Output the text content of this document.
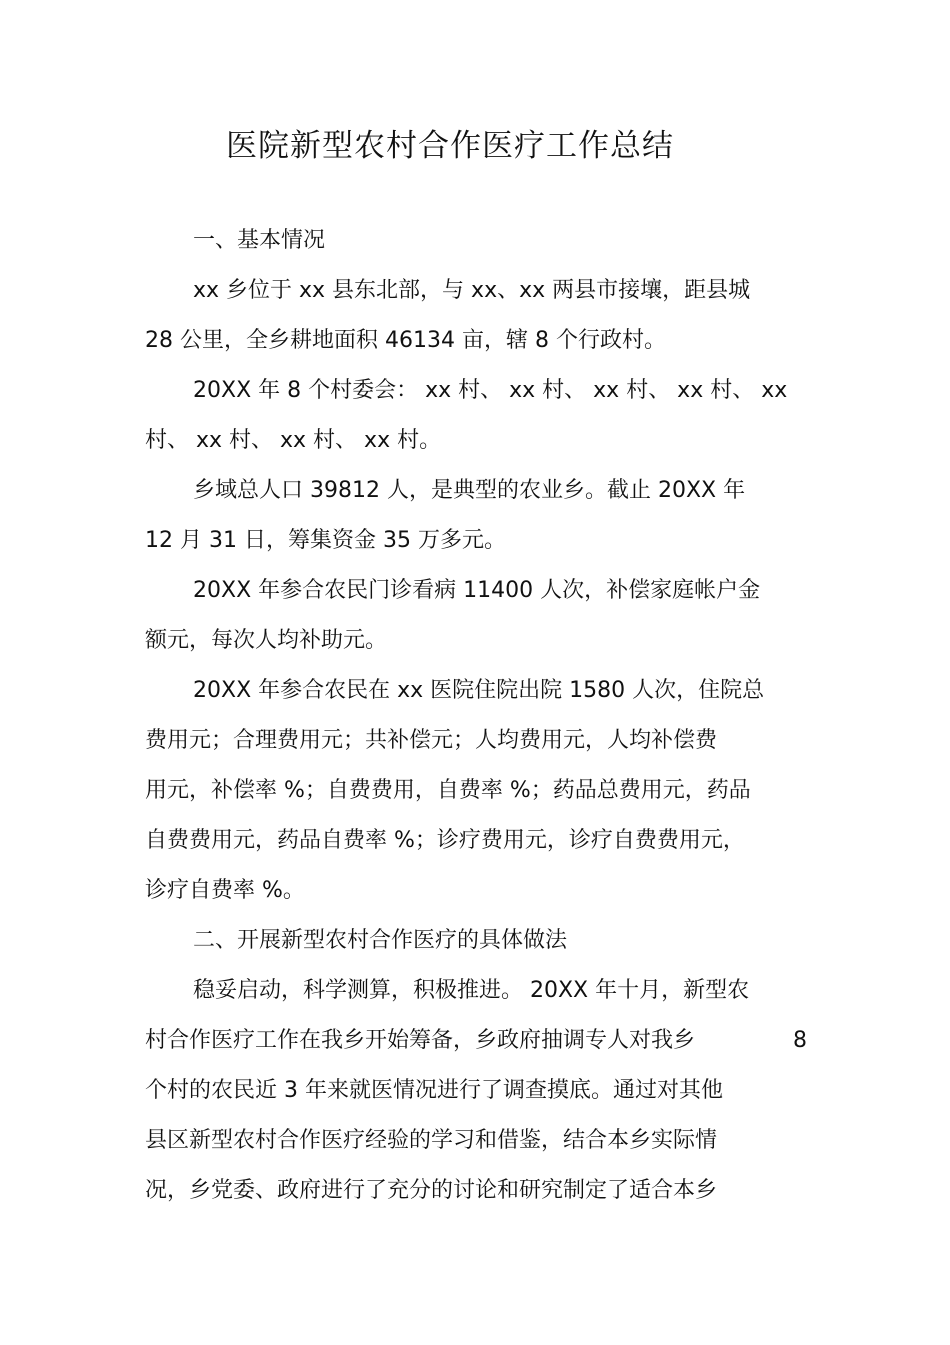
医院新型农村合作医疗工作总结
一、基本情况
xx 乡位于 xx 县东北部，与 xx、xx 两县市接壤，距县城
28 公里，全乡耕地面积 46134 亩，辖 8 个行政村。
20XX 年 8 个村委会： xx 村、 xx 村、 xx 村、 xx 村、 xx
村、 xx 村、 xx 村、 xx 村。
乡域总人口 39812 人，是典型的农业乡。截止 20XX 年
12 月 31 日，筹集资金 35 万多元。
20XX 年参合农民门诊看病 11400 人次，补偿家庭帐户金
额元，每次人均补助元。
20XX 年参合农民在 xx 医院住院出院 1580 人次，住院总
费用元；合理费用元；共补偿元；人均费用元，人均补偿费
用元，补偿率 %；自费费用，自费率 %；药品总费用元，药品
自费费用元，药品自费率 %；诊疗费用元，诊疗自费费用元，
诊疗自费率 %。
二、开展新型农村合作医疗的具体做法
稳妥启动，科学测算，积极推进。 20XX 年十月，新型农
村合作医疗工作在我乡开始筹备，乡政府抽调专人对我乡	8
个村的农民近 3 年来就医情况进行了调查摸底。通过对其他
县区新型农村合作医疗经验的学习和借鉴，结合本乡实际情
况，乡党委、政府进行了充分的讨论和研究制定了适合本乡
